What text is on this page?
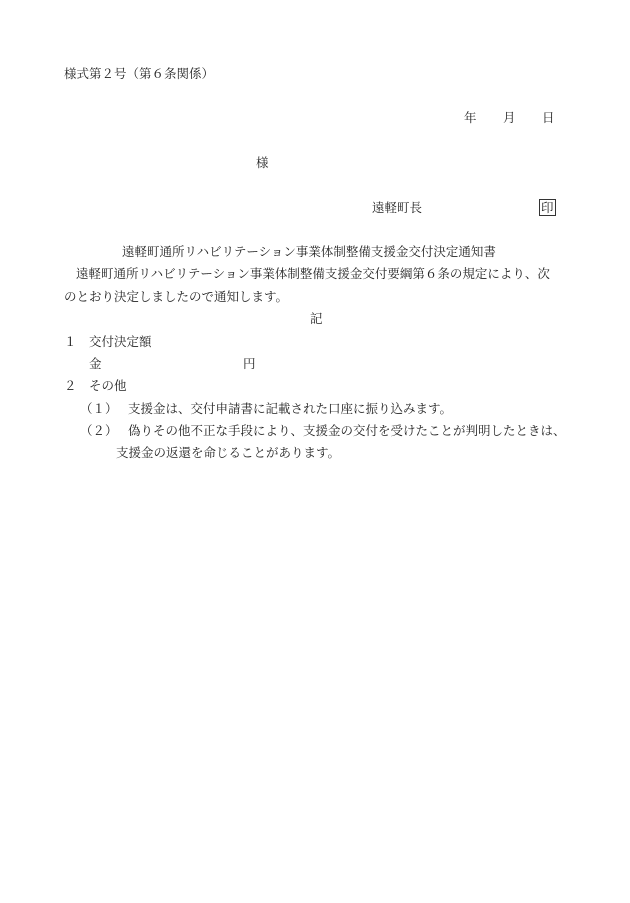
様式第２号（第６条関係）
年 月 日
様
遠軽町長	印
遠軽町通所リハビリテーション事業体制整備支援金交付決定通知書
遠軽町通所リハビリテーション事業体制整備支援金交付要綱第６条の規定により、次
のとおり決定しましたので通知します。
記
１ 交付決定額
金	円
２ その他
（１） 支援金は、交付申請書に記載された口座に振り込みます。
（２） 偽りその他不正な手段により、支援金の交付を受けたことが判明したときは、
支援金の返還を命じることがあります。
